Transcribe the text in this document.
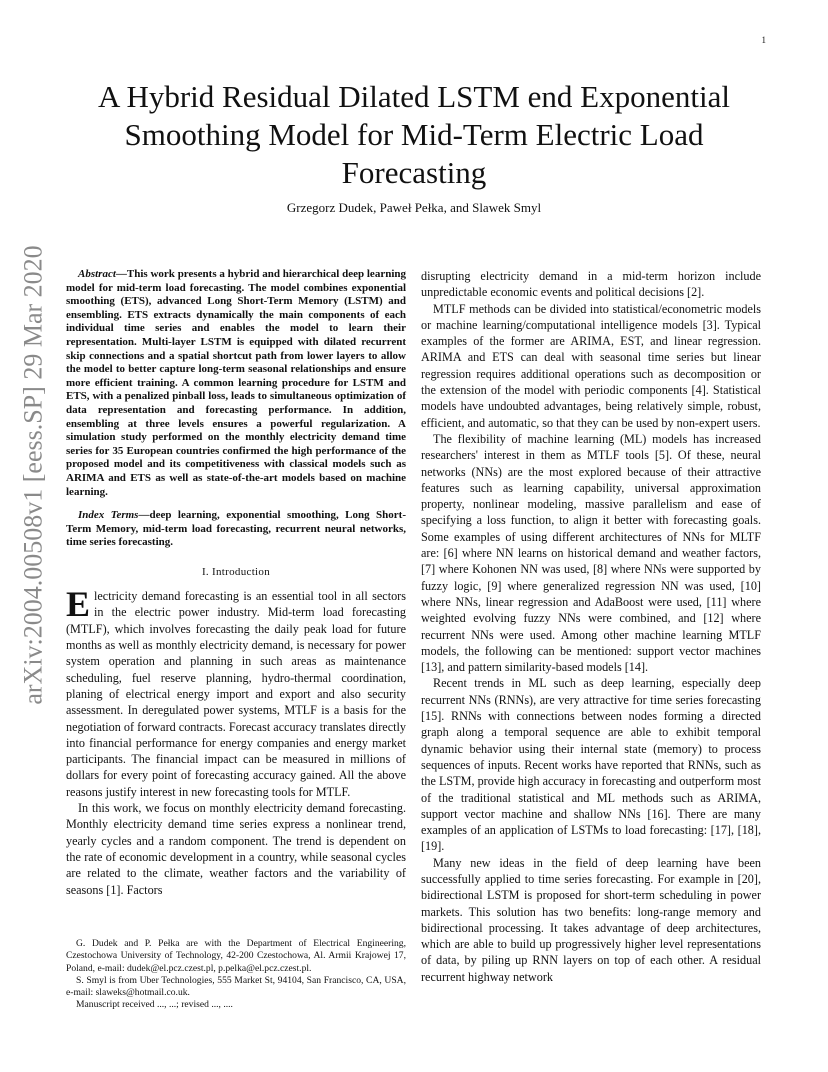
1
arXiv:2004.00508v1 [eess.SP] 29 Mar 2020
A Hybrid Residual Dilated LSTM end Exponential Smoothing Model for Mid-Term Electric Load Forecasting
Grzegorz Dudek, Paweł Pełka, and Slawek Smyl

Abstract—This work presents a hybrid and hierarchical deep learning model for mid-term load forecasting. The model combines exponential smoothing (ETS), advanced Long Short-Term Memory (LSTM) and ensembling. ETS extracts dynamically the main components of each individual time series and enables the model to learn their representation. Multi-layer LSTM is equipped with dilated recurrent skip connections and a spatial shortcut path from lower layers to allow the model to better capture long-term seasonal relationships and ensure more efficient training. A common learning procedure for LSTM and ETS, with a penalized pinball loss, leads to simultaneous optimization of data representation and forecasting performance. In addition, ensembling at three levels ensures a powerful regularization. A simulation study performed on the monthly electricity demand time series for 35 European countries confirmed the high performance of the proposed model and its competitiveness with classical models such as ARIMA and ETS as well as state-of-the-art models based on machine learning.

Index Terms—deep learning, exponential smoothing, Long Short-Term Memory, mid-term load forecasting, recurrent neural networks, time series forecasting.

I. Introduction

Electricity demand forecasting is an essential tool in all sectors in the electric power industry. Mid-term load forecasting (MTLF), which involves forecasting the daily peak load for future months as well as monthly electricity demand, is necessary for power system operation and planning in such areas as maintenance scheduling, fuel reserve planning, hydro-thermal coordination, planing of electrical energy import and export and also security assessment. In deregulated power systems, MTLF is a basis for the negotiation of forward contracts. Forecast accuracy translates directly into financial performance for energy companies and energy market participants. The financial impact can be measured in millions of dollars for every point of forecasting accuracy gained. All the above reasons justify interest in new forecasting tools for MTLF.

In this work, we focus on monthly electricity demand forecasting. Monthly electricity demand time series express a nonlinear trend, yearly cycles and a random component. The trend is dependent on the rate of economic development in a country, while seasonal cycles are related to the climate, weather factors and the variability of seasons [1]. Factors

G. Dudek and P. Pełka are with the Department of Electrical Engineering, Czestochowa University of Technology, 42-200 Czestochowa, Al. Armii Krajowej 17, Poland, e-mail: dudek@el.pcz.czest.pl, p.pelka@el.pcz.czest.pl.

S. Smyl is from Uber Technologies, 555 Market St, 94104, San Francisco, CA, USA, e-mail: slaweks@hotmail.co.uk.

Manuscript received ..., ...; revised ..., ....

disrupting electricity demand in a mid-term horizon include unpredictable economic events and political decisions [2].

MTLF methods can be divided into statistical/econometric models or machine learning/computational intelligence models [3]. Typical examples of the former are ARIMA, EST, and linear regression. ARIMA and ETS can deal with seasonal time series but linear regression requires additional operations such as decomposition or the extension of the model with periodic components [4]. Statistical models have undoubted advantages, being relatively simple, robust, efficient, and automatic, so that they can be used by non-expert users.

The flexibility of machine learning (ML) models has increased researchers' interest in them as MTLF tools [5]. Of these, neural networks (NNs) are the most explored because of their attractive features such as learning capability, universal approximation property, nonlinear modeling, massive parallelism and ease of specifying a loss function, to align it better with forecasting goals. Some examples of using different architectures of NNs for MLTF are: [6] where NN learns on historical demand and weather factors, [7] where Kohonen NN was used, [8] where NNs were supported by fuzzy logic, [9] where generalized regression NN was used, [10] where NNs, linear regression and AdaBoost were used, [11] where weighted evolving fuzzy NNs were combined, and [12] where recurrent NNs were used. Among other machine learning MTLF models, the following can be mentioned: support vector machines [13], and pattern similarity-based models [14].

Recent trends in ML such as deep learning, especially deep recurrent NNs (RNNs), are very attractive for time series forecasting [15]. RNNs with connections between nodes forming a directed graph along a temporal sequence are able to exhibit temporal dynamic behavior using their internal state (memory) to process sequences of inputs. Recent works have reported that RNNs, such as the LSTM, provide high accuracy in forecasting and outperform most of the traditional statistical and ML methods such as ARIMA, support vector machine and shallow NNs [16]. There are many examples of an application of LSTMs to load forecasting: [17], [18], [19].

Many new ideas in the field of deep learning have been successfully applied to time series forecasting. For example in [20], bidirectional LSTM is proposed for short-term scheduling in power markets. This solution has two benefits: long-range memory and bidirectional processing. It takes advantage of deep architectures, which are able to build up progressively higher level representations of data, by piling up RNN layers on top of each other. A residual recurrent highway network
